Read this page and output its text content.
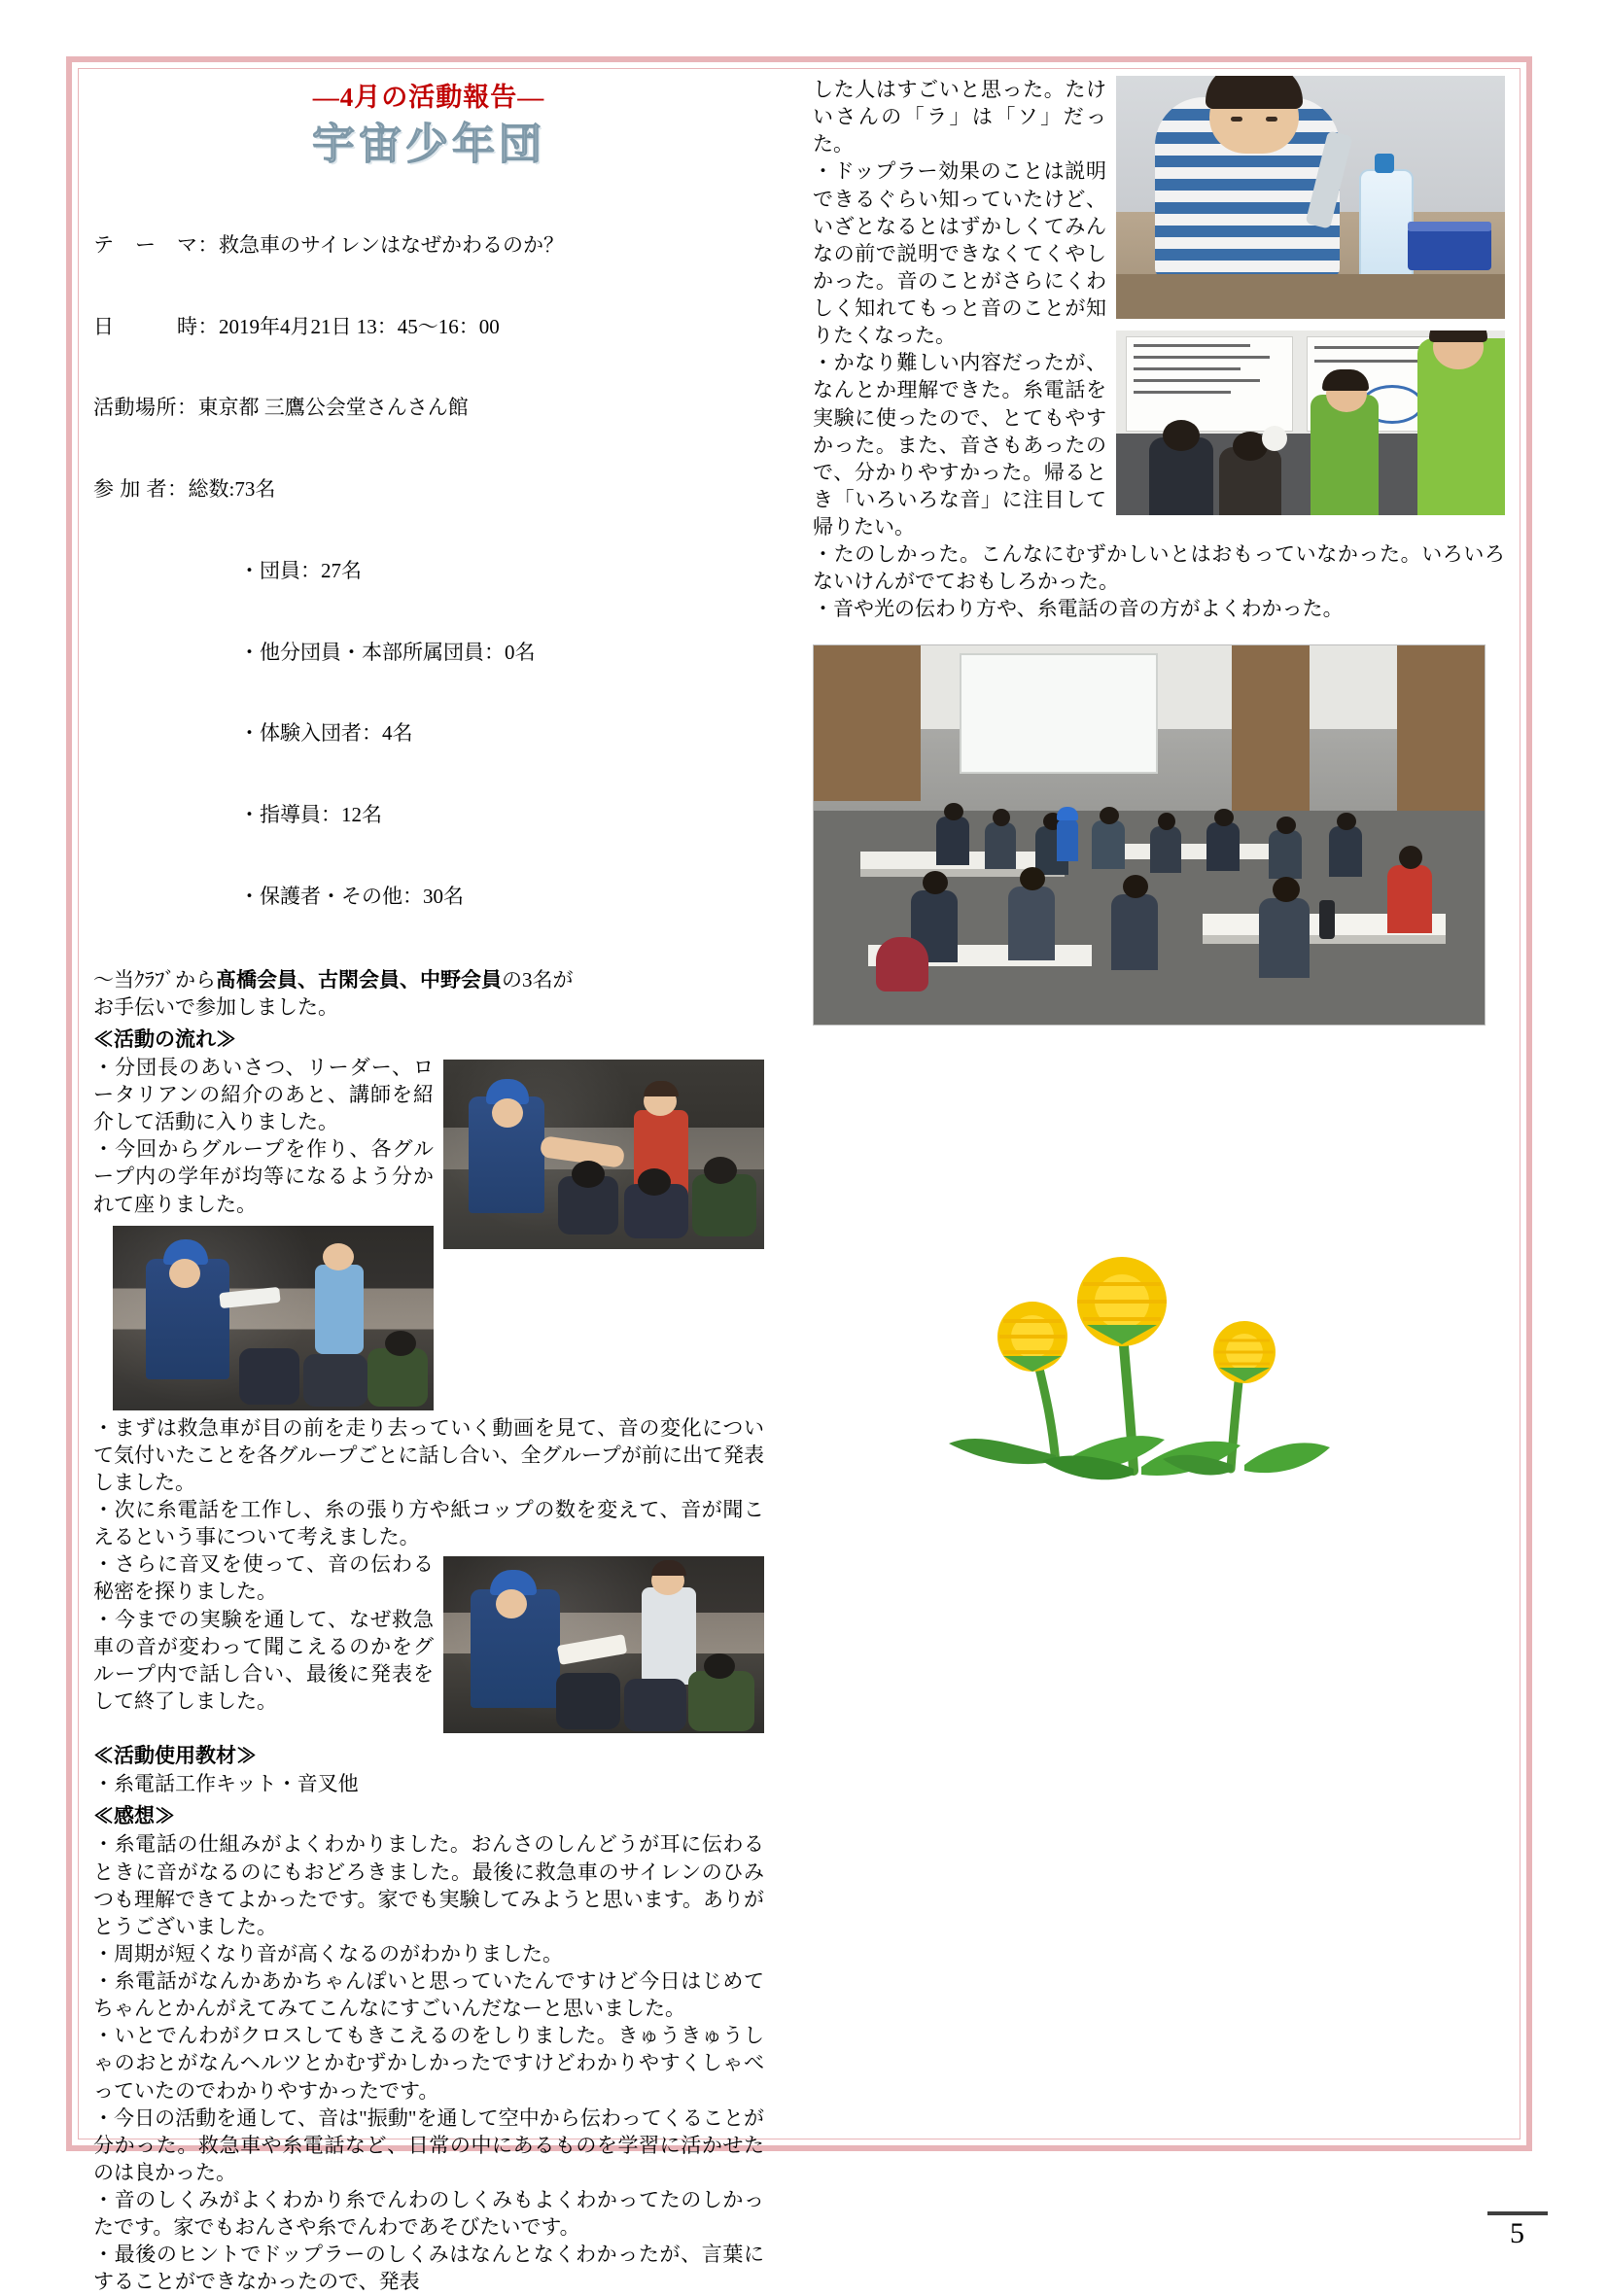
―4月の活動報告―
宇宙少年団

テ　ー　マ：救急車のサイレンはなぜかわるのか？

日　　　時：2019年4月21日 13：45～16：00

活動場所：東京都 三鷹公会堂さんさん館

参 加 者：総数:73名

・団員：27名

・他分団員・本部所属団員：0名

・体験入団者：4名

・指導員：12名

・保護者・その他：30名

～当ｸﾗﾌﾞから髙橋会員、古閑会員、中野会員の3名が
お手伝いで参加しました。

≪活動の流れ≫

・分団長のあいさつ、リーダー、ロータリアンの紹介のあと、講師を紹介して活動に入りました。

・今回からグループを作り、各グループ内の学年が均等になるよう分かれて座りました。

・まずは救急車が目の前を走り去っていく動画を見て、音の変化について気付いたことを各グループごとに話し合い、全グループが前に出て発表しました。

・次に糸電話を工作し、糸の張り方や紙コップの数を変えて、音が聞こえるという事について考えました。

・さらに音叉を使って、音の伝わる秘密を探りました。

・今までの実験を通して、なぜ救急車の音が変わって聞こえるのかをグループ内で話し合い、最後に発表をして終了しました。

≪活動使用教材≫

・糸電話工作キット・音叉他

≪感想≫

・糸電話の仕組みがよくわかりました。おんさのしんどうが耳に伝わるときに音がなるのにもおどろきました。最後に救急車のサイレンのひみつも理解できてよかったです。家でも実験してみようと思います。ありがとうございました。

・周期が短くなり音が高くなるのがわかりました。

・糸電話がなんかあかちゃんぽいと思っていたんですけど今日はじめてちゃんとかんがえてみてこんなにすごいんだなーと思いました。

・いとでんわがクロスしてもきこえるのをしりました。きゅうきゅうしゃのおとがなんヘルツとかむずかしかったですけどわかりやすくしゃべっていたのでわかりやすかったです。

・今日の活動を通して、音は"振動"を通して空中から伝わってくることが分かった。救急車や糸電話など、日常の中にあるものを学習に活かせたのは良かった。

・音のしくみがよくわかり糸でんわのしくみもよくわかってたのしかったです。家でもおんさや糸でんわであそびたいです。

・最後のヒントでドップラーのしくみはなんとなくわかったが、言葉にすることができなかったので、発表

した人はすごいと思った。たけいさんの「ラ」は「ソ」だった。

・ドップラー効果のことは説明できるぐらい知っていたけど、いざとなるとはずかしくてみんなの前で説明できなくてくやしかった。音のことがさらにくわしく知れてもっと音のことが知りたくなった。

・かなり難しい内容だったが、なんとか理解できた。糸電話を実験に使ったので、とてもやすかった。また、音さもあったので、分かりやすかった。帰るとき「いろいろな音」に注目して帰りたい。

・たのしかった。こんなにむずかしいとはおもっていなかった。いろいろないけんがでておもしろかった。

・音や光の伝わり方や、糸電話の音の方がよくわかった。

5
